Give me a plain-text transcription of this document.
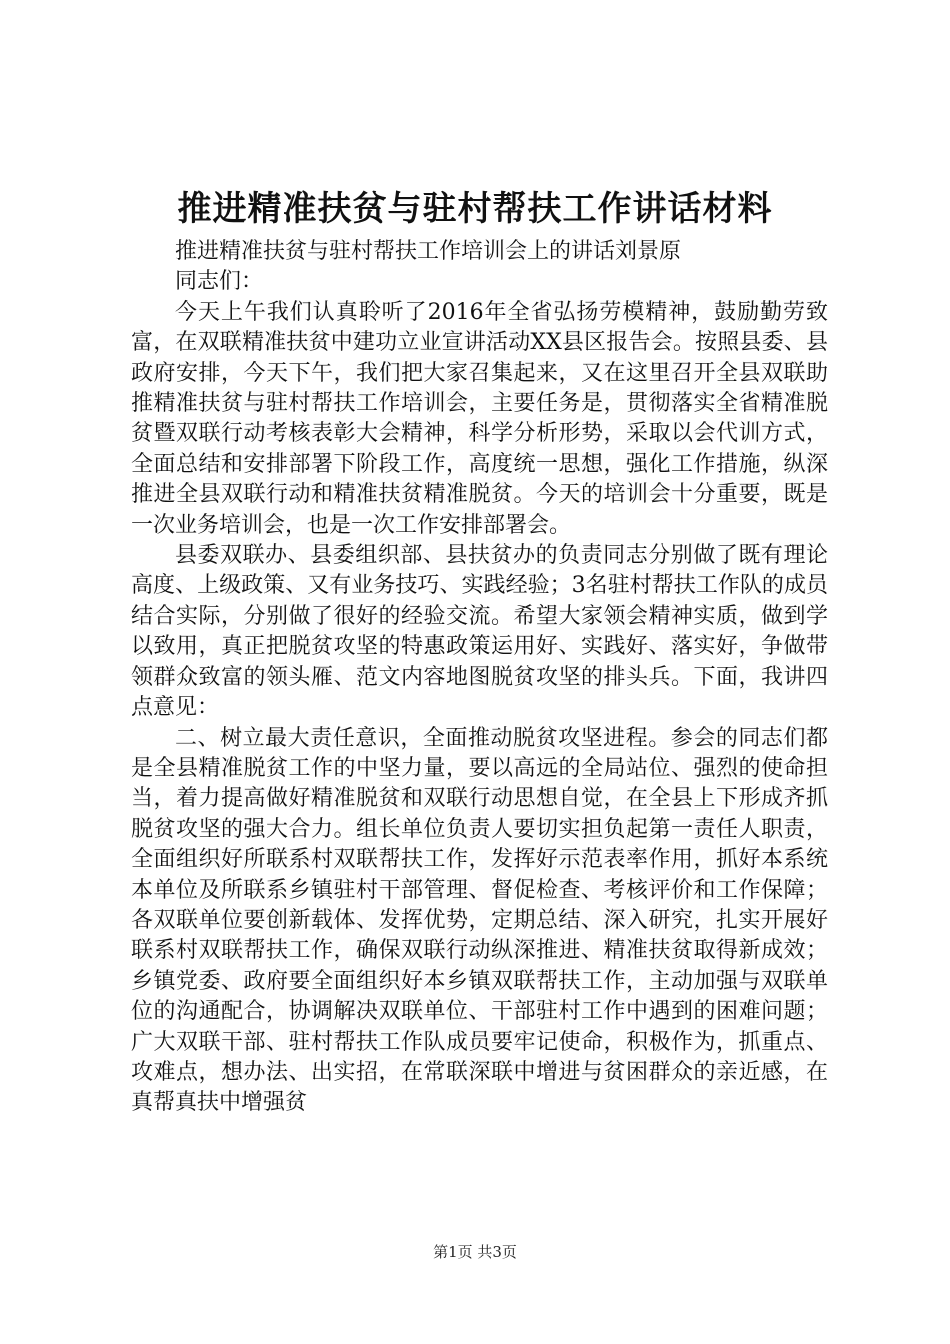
推进精准扶贫与驻村帮扶工作讲话材料

推进精准扶贫与驻村帮扶工作培训会上的讲话刘景原

同志们：

今天上午我们认真聆听了2016年全省弘扬劳模精神，鼓励勤劳致富，在双联精准扶贫中建功立业宣讲活动XX县区报告会。按照县委、县政府安排，今天下午，我们把大家召集起来，又在这里召开全县双联助推精准扶贫与驻村帮扶工作培训会，主要任务是，贯彻落实全省精准脱贫暨双联行动考核表彰大会精神，科学分析形势，采取以会代训方式，全面总结和安排部署下阶段工作，高度统一思想，强化工作措施，纵深推进全县双联行动和精准扶贫精准脱贫。今天的培训会十分重要，既是一次业务培训会，也是一次工作安排部署会。

县委双联办、县委组织部、县扶贫办的负责同志分别做了既有理论高度、上级政策、又有业务技巧、实践经验；3名驻村帮扶工作队的成员结合实际，分别做了很好的经验交流。希望大家领会精神实质，做到学以致用，真正把脱贫攻坚的特惠政策运用好、实践好、落实好，争做带领群众致富的领头雁、范文内容地图脱贫攻坚的排头兵。下面，我讲四点意见：

二、树立最大责任意识，全面推动脱贫攻坚进程。参会的同志们都是全县精准脱贫工作的中坚力量，要以高远的全局站位、强烈的使命担当，着力提高做好精准脱贫和双联行动思想自觉，在全县上下形成齐抓脱贫攻坚的强大合力。组长单位负责人要切实担负起第一责任人职责，全面组织好所联系村双联帮扶工作，发挥好示范表率作用，抓好本系统本单位及所联系乡镇驻村干部管理、督促检查、考核评价和工作保障；各双联单位要创新载体、发挥优势，定期总结、深入研究，扎实开展好联系村双联帮扶工作，确保双联行动纵深推进、精准扶贫取得新成效；乡镇党委、政府要全面组织好本乡镇双联帮扶工作，主动加强与双联单位的沟通配合，协调解决双联单位、干部驻村工作中遇到的困难问题；广大双联干部、驻村帮扶工作队成员要牢记使命，积极作为，抓重点、攻难点，想办法、出实招，在常联深联中增进与贫困群众的亲近感，在真帮真扶中增强贫

第1页 共3页
